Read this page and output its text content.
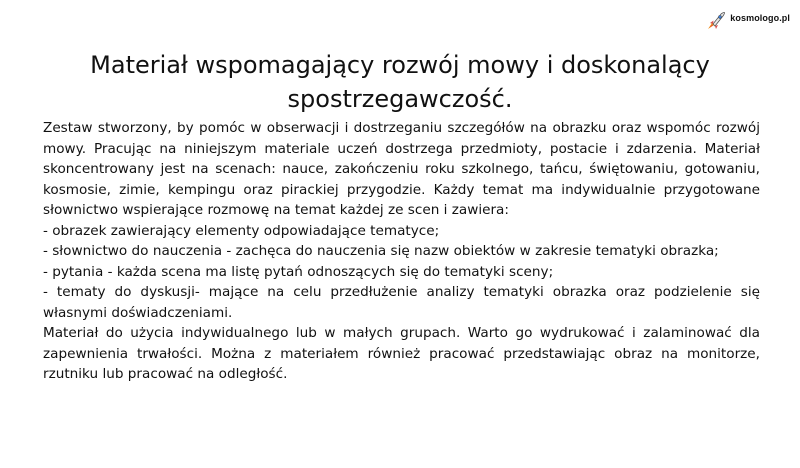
kosmologo.pl
Materiał wspomagający rozwój mowy i doskonalący spostrzegawczość.

Zestaw stworzony, by pomóc w obserwacji i dostrzeganiu szczegółów na obrazku oraz wspomóc rozwój mowy. Pracując na niniejszym materiale uczeń dostrzega przedmioty, postacie i zdarzenia. Materiał skoncentrowany jest na scenach: nauce, zakończeniu roku szkolnego, tańcu, świętowaniu, gotowaniu, kosmosie, zimie, kempingu oraz pirackiej przygodzie. Każdy temat ma indywidualnie przygotowane słownictwo wspierające rozmowę na temat każdej ze scen i zawiera:

- obrazek zawierający elementy odpowiadające tematyce;

- słownictwo do nauczenia - zachęca do nauczenia się nazw obiektów w zakresie tematyki obrazka;

- pytania - każda scena ma listę pytań odnoszących się do tematyki sceny;

- tematy do dyskusji- mające na celu przedłużenie analizy tematyki obrazka oraz podzielenie się własnymi doświadczeniami.

Materiał do użycia indywidualnego lub w małych grupach. Warto go wydrukować i zalaminować dla zapewnienia trwałości. Można z materiałem również pracować przedstawiając obraz na monitorze, rzutniku lub pracować na odległość.
